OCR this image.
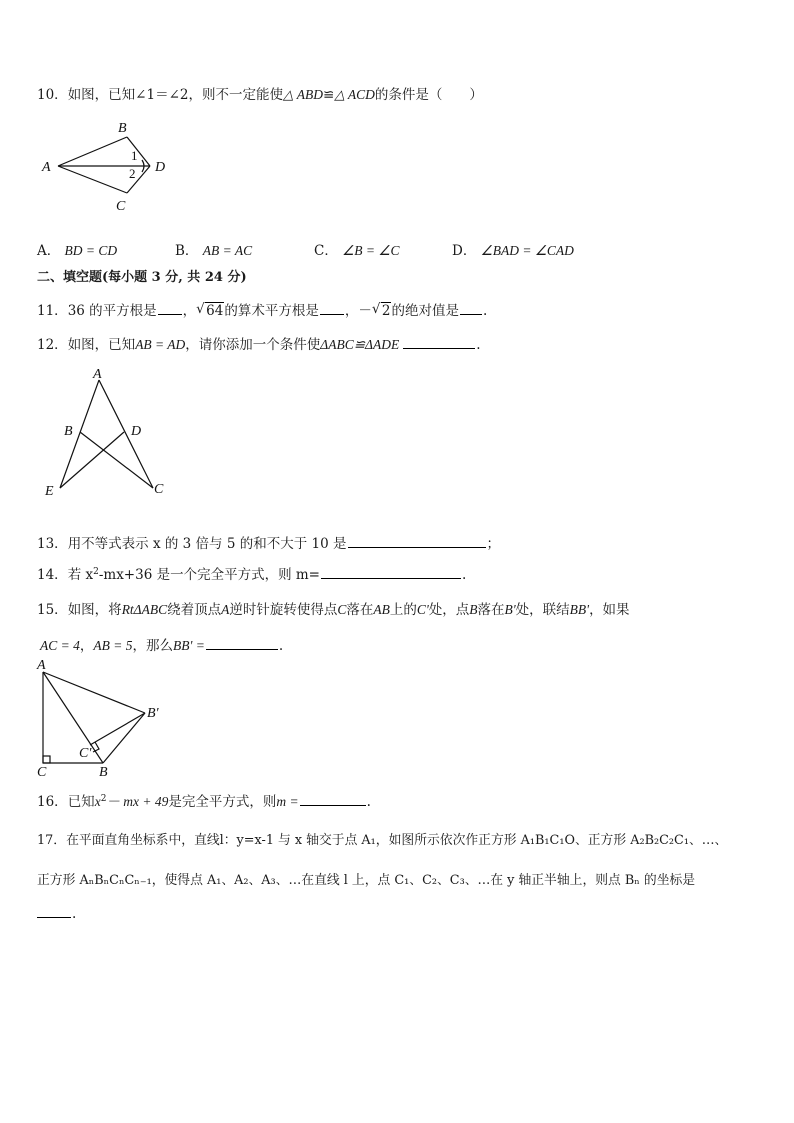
10．如图，已知∠1＝∠2，则不一定能使△ ABD≌△ ACD的条件是（　　）
B
A	D
C
1
2
A． BD = CD	B． AB = AC	C． ∠B = ∠C	D． ∠BAD = ∠CAD
二、填空题(每小题 3 分, 共 24 分)
11．36 的平方根是 ， √ 64的算术平方根是 ，－ √ 2的绝对值是 .
12．如图，已知AB = AD，请你添加一个条件使ΔABC≌ΔADE	.
A
B	D
E	C
13．用不等式表示 x 的 3 倍与 5 的和不大于 10 是	；
14．若 $x^2-mx+36$ 是一个完全平方式，则 m=	.
15．如图，将RtΔABC绕着顶点A逆时针旋转使得点C落在AB上的C'处，点B落在B'处，联结BB'，如果
AC = 4，AB = 5，那么BB' =	.
A
B′
C′
C	B
16．已知$x^2-$ mx + 49是完全平方式，则m =	.
17．在平面直角坐标系中，直线l：y=x-1 与 x 轴交于点 A₁，如图所示依次作正方形 A₁B₁C₁O、正方形 A₂B₂C₂C₁、…、
正方形 AₙBₙCₙCₙ₋₁，使得点 A₁、A₂、A₃、…在直线 l 上，点 C₁、C₂、C₃、…在 y 轴正半轴上，则点 Bₙ 的坐标是
.
